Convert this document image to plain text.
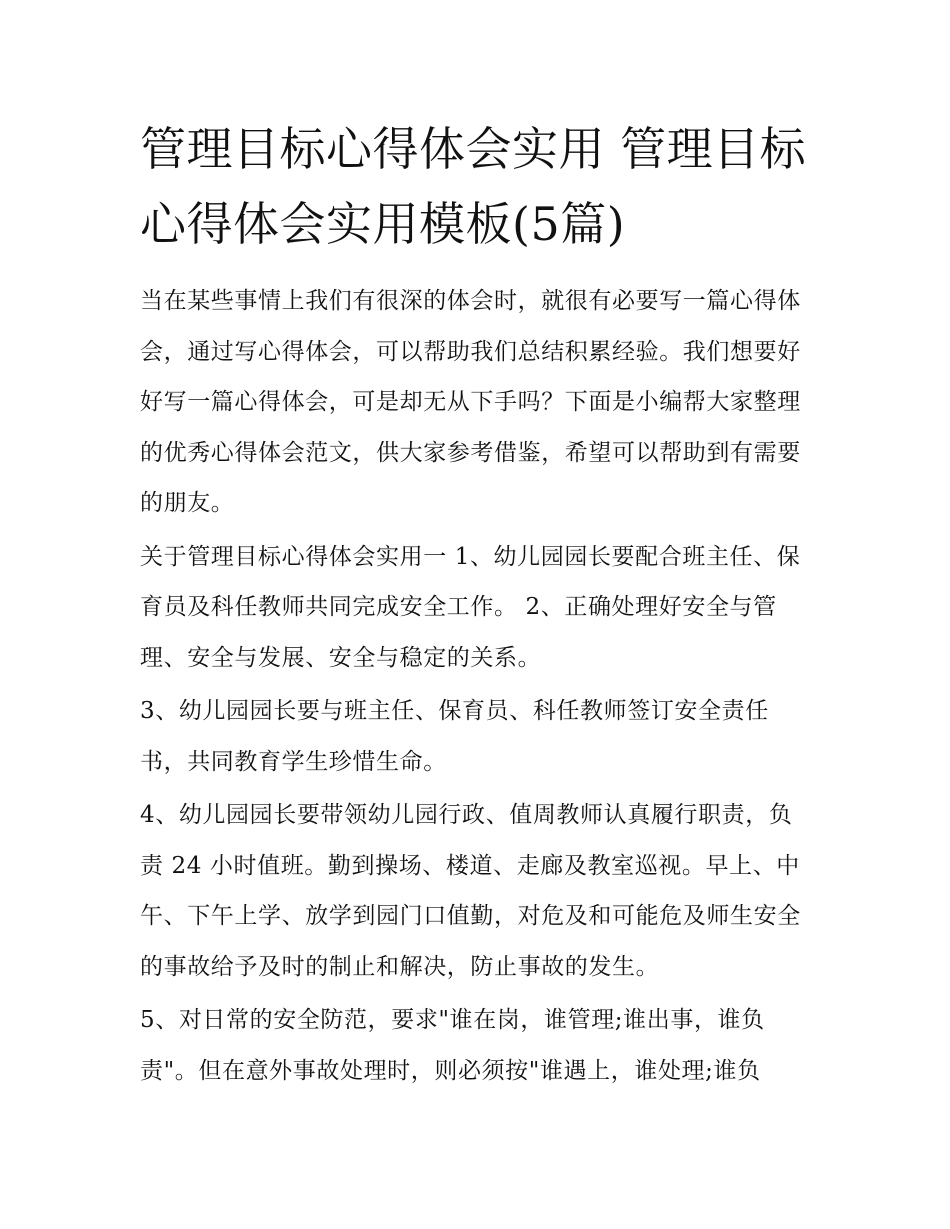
管理目标心得体会实用 管理目标心得体会实用模板(5篇)

当在某些事情上我们有很深的体会时，就很有必要写一篇心得体会，通过写心得体会，可以帮助我们总结积累经验。我们想要好好写一篇心得体会，可是却无从下手吗？下面是小编帮大家整理的优秀心得体会范文，供大家参考借鉴，希望可以帮助到有需要的朋友。

关于管理目标心得体会实用一 1、幼儿园园长要配合班主任、保育员及科任教师共同完成安全工作。 2、正确处理好安全与管理、安全与发展、安全与稳定的关系。

3、幼儿园园长要与班主任、保育员、科任教师签订安全责任书，共同教育学生珍惜生命。

4、幼儿园园长要带领幼儿园行政、值周教师认真履行职责，负责 24 小时值班。勤到操场、楼道、走廊及教室巡视。早上、中午、下午上学、放学到园门口值勤，对危及和可能危及师生安全的事故给予及时的制止和解决，防止事故的发生。

5、对日常的安全防范，要求"谁在岗，谁管理;谁出事，谁负责"。但在意外事故处理时，则必须按"谁遇上，谁处理;谁负
